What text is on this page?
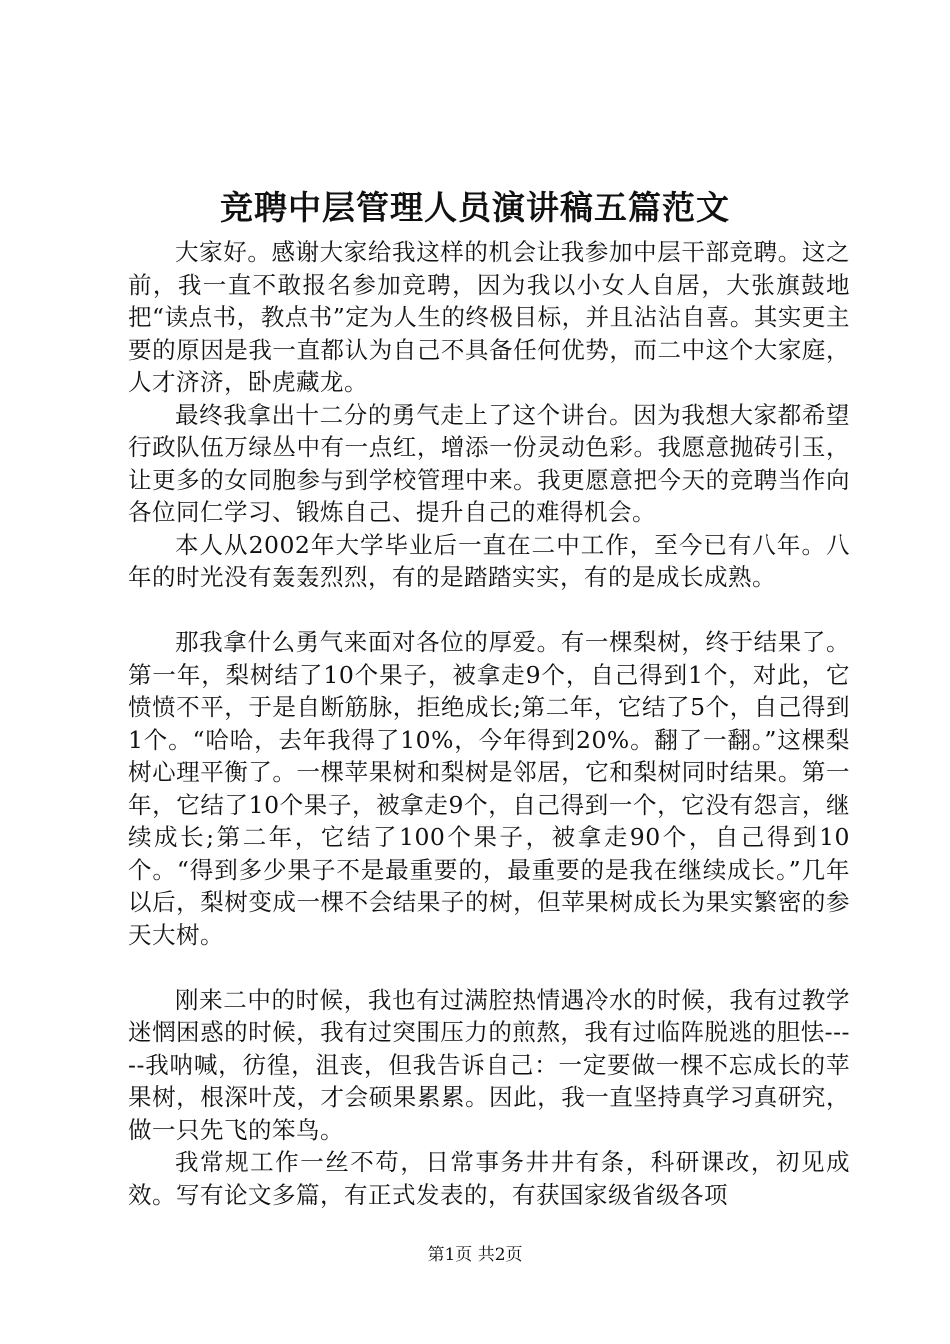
竞聘中层管理人员演讲稿五篇范文

大家好。感谢大家给我这样的机会让我参加中层干部竞聘。这之前，我一直不敢报名参加竞聘，因为我以小女人自居，大张旗鼓地把“读点书，教点书”定为人生的终极目标，并且沾沾自喜。其实更主要的原因是我一直都认为自己不具备任何优势，而二中这个大家庭，人才济济，卧虎藏龙。

最终我拿出十二分的勇气走上了这个讲台。因为我想大家都希望行政队伍万绿丛中有一点红，增添一份灵动色彩。我愿意抛砖引玉，让更多的女同胞参与到学校管理中来。我更愿意把今天的竞聘当作向各位同仁学习、锻炼自己、提升自己的难得机会。

本人从2002年大学毕业后一直在二中工作，至今已有八年。八年的时光没有轰轰烈烈，有的是踏踏实实，有的是成长成熟。

那我拿什么勇气来面对各位的厚爱。有一棵梨树，终于结果了。第一年，梨树结了10个果子，被拿走9个，自己得到1个，对此，它愤愤不平，于是自断筋脉，拒绝成长;第二年，它结了5个，自己得到1个。“哈哈，去年我得了10%，今年得到20%。翻了一翻。”这棵梨树心理平衡了。一棵苹果树和梨树是邻居，它和梨树同时结果。第一年，它结了10个果子，被拿走9个，自己得到一个，它没有怨言，继续成长;第二年，它结了100个果子，被拿走90个，自己得到10个。“得到多少果子不是最重要的，最重要的是我在继续成长。”几年以后，梨树变成一棵不会结果子的树，但苹果树成长为果实繁密的参天大树。

刚来二中的时候，我也有过满腔热情遇冷水的时候，我有过教学迷惘困惑的时候，我有过突围压力的煎熬，我有过临阵脱逃的胆怯-----我呐喊，彷徨，沮丧，但我告诉自己：一定要做一棵不忘成长的苹果树，根深叶茂，才会硕果累累。因此，我一直坚持真学习真研究，做一只先飞的笨鸟。

我常规工作一丝不苟，日常事务井井有条，科研课改，初见成效。写有论文多篇，有正式发表的，有获国家级省级各项

第1页 共2页
